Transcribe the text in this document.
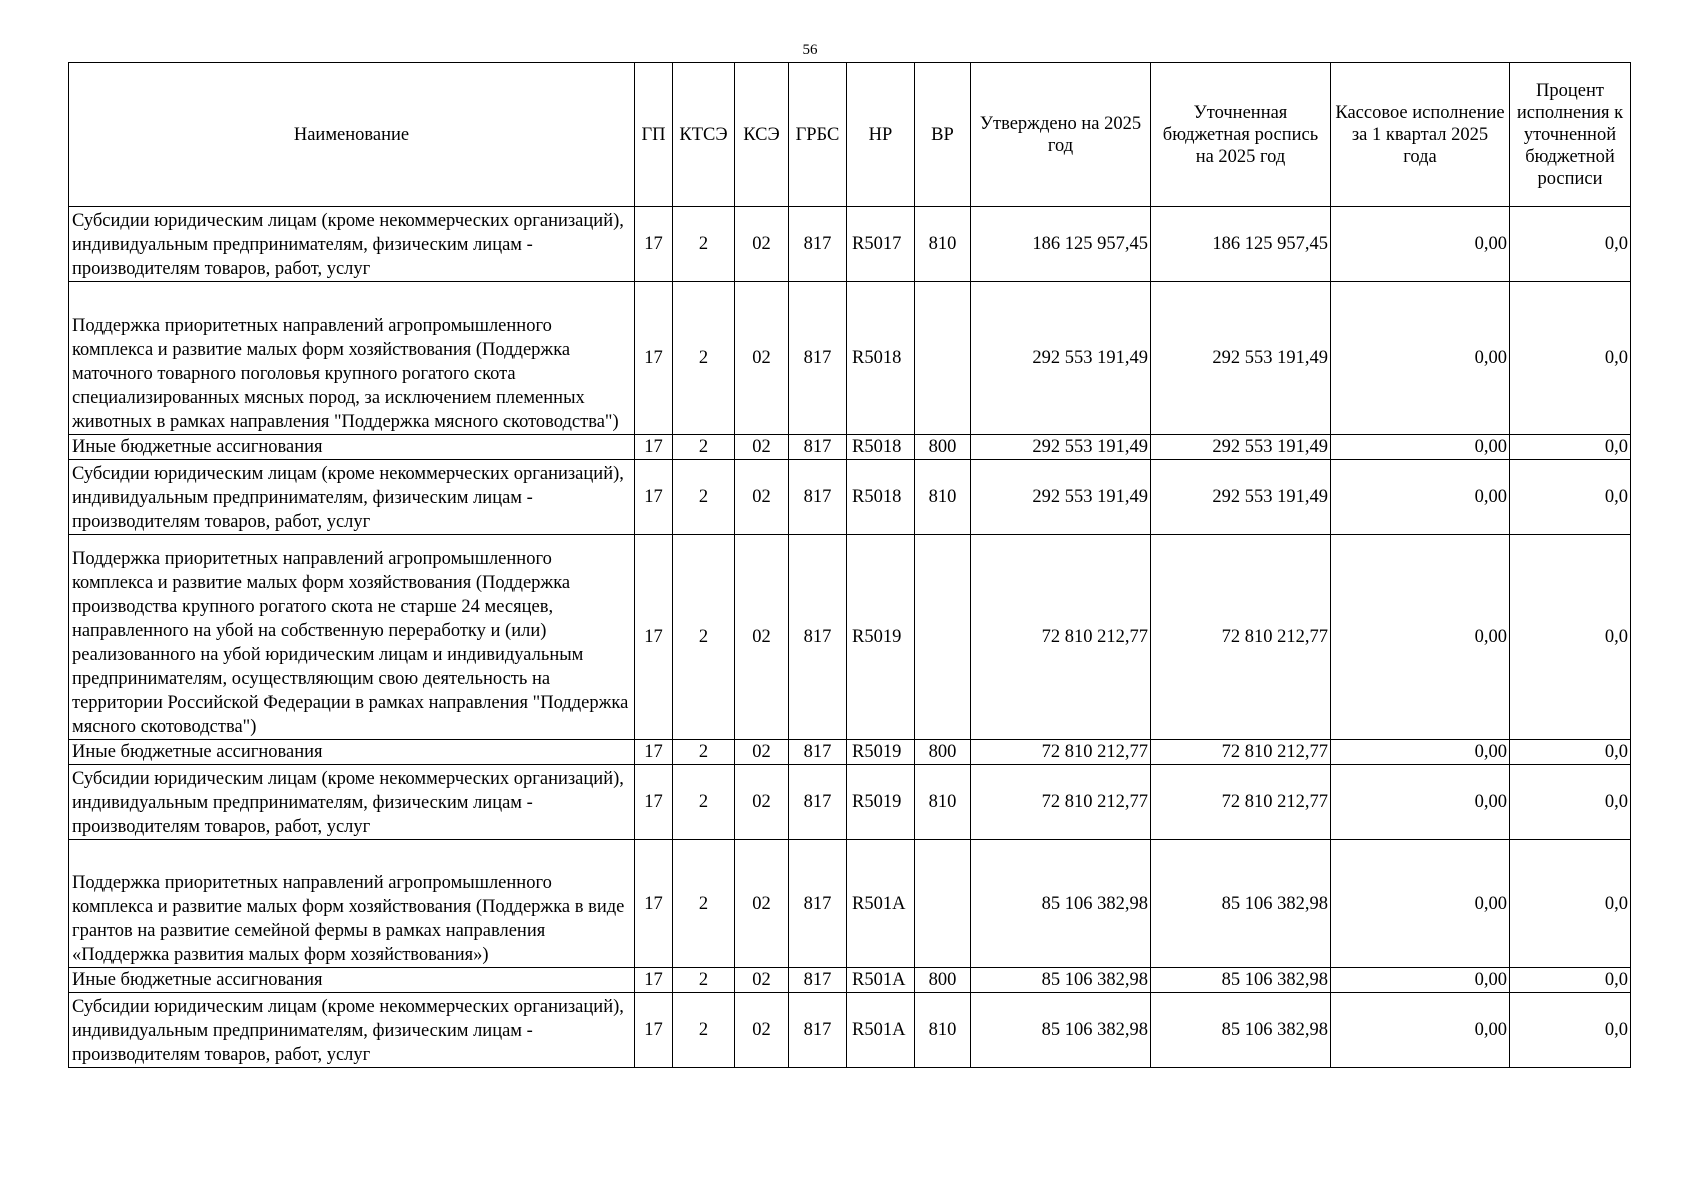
56
Наименование	ГП	КТСЭ	КСЭ	ГРБС	НР	ВР	Утверждено на 2025 год	Уточненная бюджетная роспись на 2025 год	Кассовое исполнение за 1 квартал 2025 года	Процент исполнения к уточненной бюджетной росписи
Субсидии юридическим лицам (кроме некоммерческих организаций), индивидуальным предпринимателям, физическим лицам - производителям товаров, работ, услуг	17	2	02	817	R5017	810	186 125 957,45	186 125 957,45	0,00	0,0
Поддержка приоритетных направлений агропромышленного комплекса и развитие малых форм хозяйствования (Поддержка маточного товарного поголовья крупного рогатого скота специализированных мясных пород, за исключением племенных животных в рамках направления "Поддержка мясного скотоводства")	17	2	02	817	R5018		292 553 191,49	292 553 191,49	0,00	0,0
Иные бюджетные ассигнования	17	2	02	817	R5018	800	292 553 191,49	292 553 191,49	0,00	0,0
Субсидии юридическим лицам (кроме некоммерческих организаций), индивидуальным предпринимателям, физическим лицам - производителям товаров, работ, услуг	17	2	02	817	R5018	810	292 553 191,49	292 553 191,49	0,00	0,0
Поддержка приоритетных направлений агропромышленного комплекса и развитие малых форм хозяйствования (Поддержка производства крупного рогатого скота не старше 24 месяцев, направленного на убой на собственную переработку и (или) реализованного на убой юридическим лицам и индивидуальным предпринимателям, осуществляющим свою деятельность на территории Российской Федерации в рамках направления "Поддержка мясного скотоводства")	17	2	02	817	R5019		72 810 212,77	72 810 212,77	0,00	0,0
Иные бюджетные ассигнования	17	2	02	817	R5019	800	72 810 212,77	72 810 212,77	0,00	0,0
Субсидии юридическим лицам (кроме некоммерческих организаций), индивидуальным предпринимателям, физическим лицам - производителям товаров, работ, услуг	17	2	02	817	R5019	810	72 810 212,77	72 810 212,77	0,00	0,0
Поддержка приоритетных направлений агропромышленного комплекса и развитие малых форм хозяйствования (Поддержка в виде грантов на развитие семейной фермы в рамках направления «Поддержка развития малых форм хозяйствования»)	17	2	02	817	R501A		85 106 382,98	85 106 382,98	0,00	0,0
Иные бюджетные ассигнования	17	2	02	817	R501A	800	85 106 382,98	85 106 382,98	0,00	0,0
Субсидии юридическим лицам (кроме некоммерческих организаций), индивидуальным предпринимателям, физическим лицам - производителям товаров, работ, услуг	17	2	02	817	R501A	810	85 106 382,98	85 106 382,98	0,00	0,0
